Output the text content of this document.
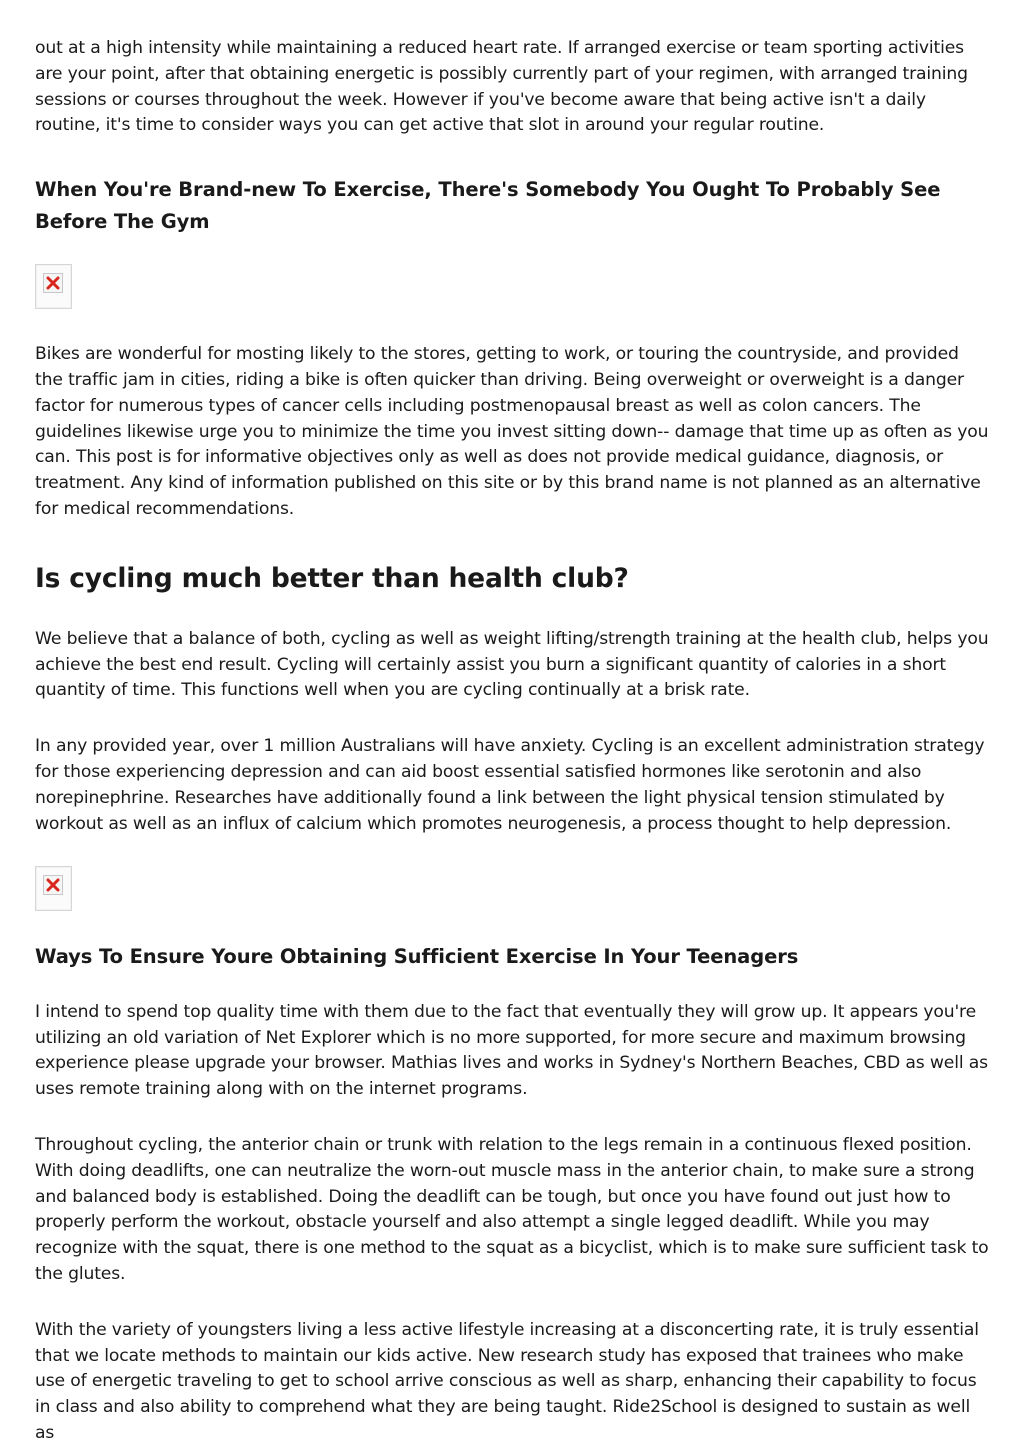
out at a high intensity while maintaining a reduced heart rate. If arranged exercise or team sporting activities are your point, after that obtaining energetic is possibly currently part of your regimen, with arranged training sessions or courses throughout the week. However if you've become aware that being active isn't a daily routine, it's time to consider ways you can get active that slot in around your regular routine.

When You're Brand-new To Exercise, There's Somebody You Ought To Probably See Before The Gym

Bikes are wonderful for mosting likely to the stores, getting to work, or touring the countryside, and provided the traffic jam in cities, riding a bike is often quicker than driving. Being overweight or overweight is a danger factor for numerous types of cancer cells including postmenopausal breast as well as colon cancers. The guidelines likewise urge you to minimize the time you invest sitting down-- damage that time up as often as you can. This post is for informative objectives only as well as does not provide medical guidance, diagnosis, or treatment. Any kind of information published on this site or by this brand name is not planned as an alternative for medical recommendations.

Is cycling much better than health club?

We believe that a balance of both, cycling as well as weight lifting/strength training at the health club, helps you achieve the best end result. Cycling will certainly assist you burn a significant quantity of calories in a short quantity of time. This functions well when you are cycling continually at a brisk rate.

In any provided year, over 1 million Australians will have anxiety. Cycling is an excellent administration strategy for those experiencing depression and can aid boost essential satisfied hormones like serotonin and also norepinephrine. Researches have additionally found a link between the light physical tension stimulated by workout as well as an influx of calcium which promotes neurogenesis, a process thought to help depression.

Ways To Ensure Youre Obtaining Sufficient Exercise In Your Teenagers

I intend to spend top quality time with them due to the fact that eventually they will grow up. It appears you're utilizing an old variation of Net Explorer which is no more supported, for more secure and maximum browsing experience please upgrade your browser. Mathias lives and works in Sydney's Northern Beaches, CBD as well as uses remote training along with on the internet programs.

Throughout cycling, the anterior chain or trunk with relation to the legs remain in a continuous flexed position. With doing deadlifts, one can neutralize the worn-out muscle mass in the anterior chain, to make sure a strong and balanced body is established. Doing the deadlift can be tough, but once you have found out just how to properly perform the workout, obstacle yourself and also attempt a single legged deadlift. While you may recognize with the squat, there is one method to the squat as a bicyclist, which is to make sure sufficient task to the glutes.

With the variety of youngsters living a less active lifestyle increasing at a disconcerting rate, it is truly essential that we locate methods to maintain our kids active. New research study has exposed that trainees who make use of energetic traveling to get to school arrive conscious as well as sharp, enhancing their capability to focus in class and also ability to comprehend what they are being taught. Ride2School is designed to sustain as well as
